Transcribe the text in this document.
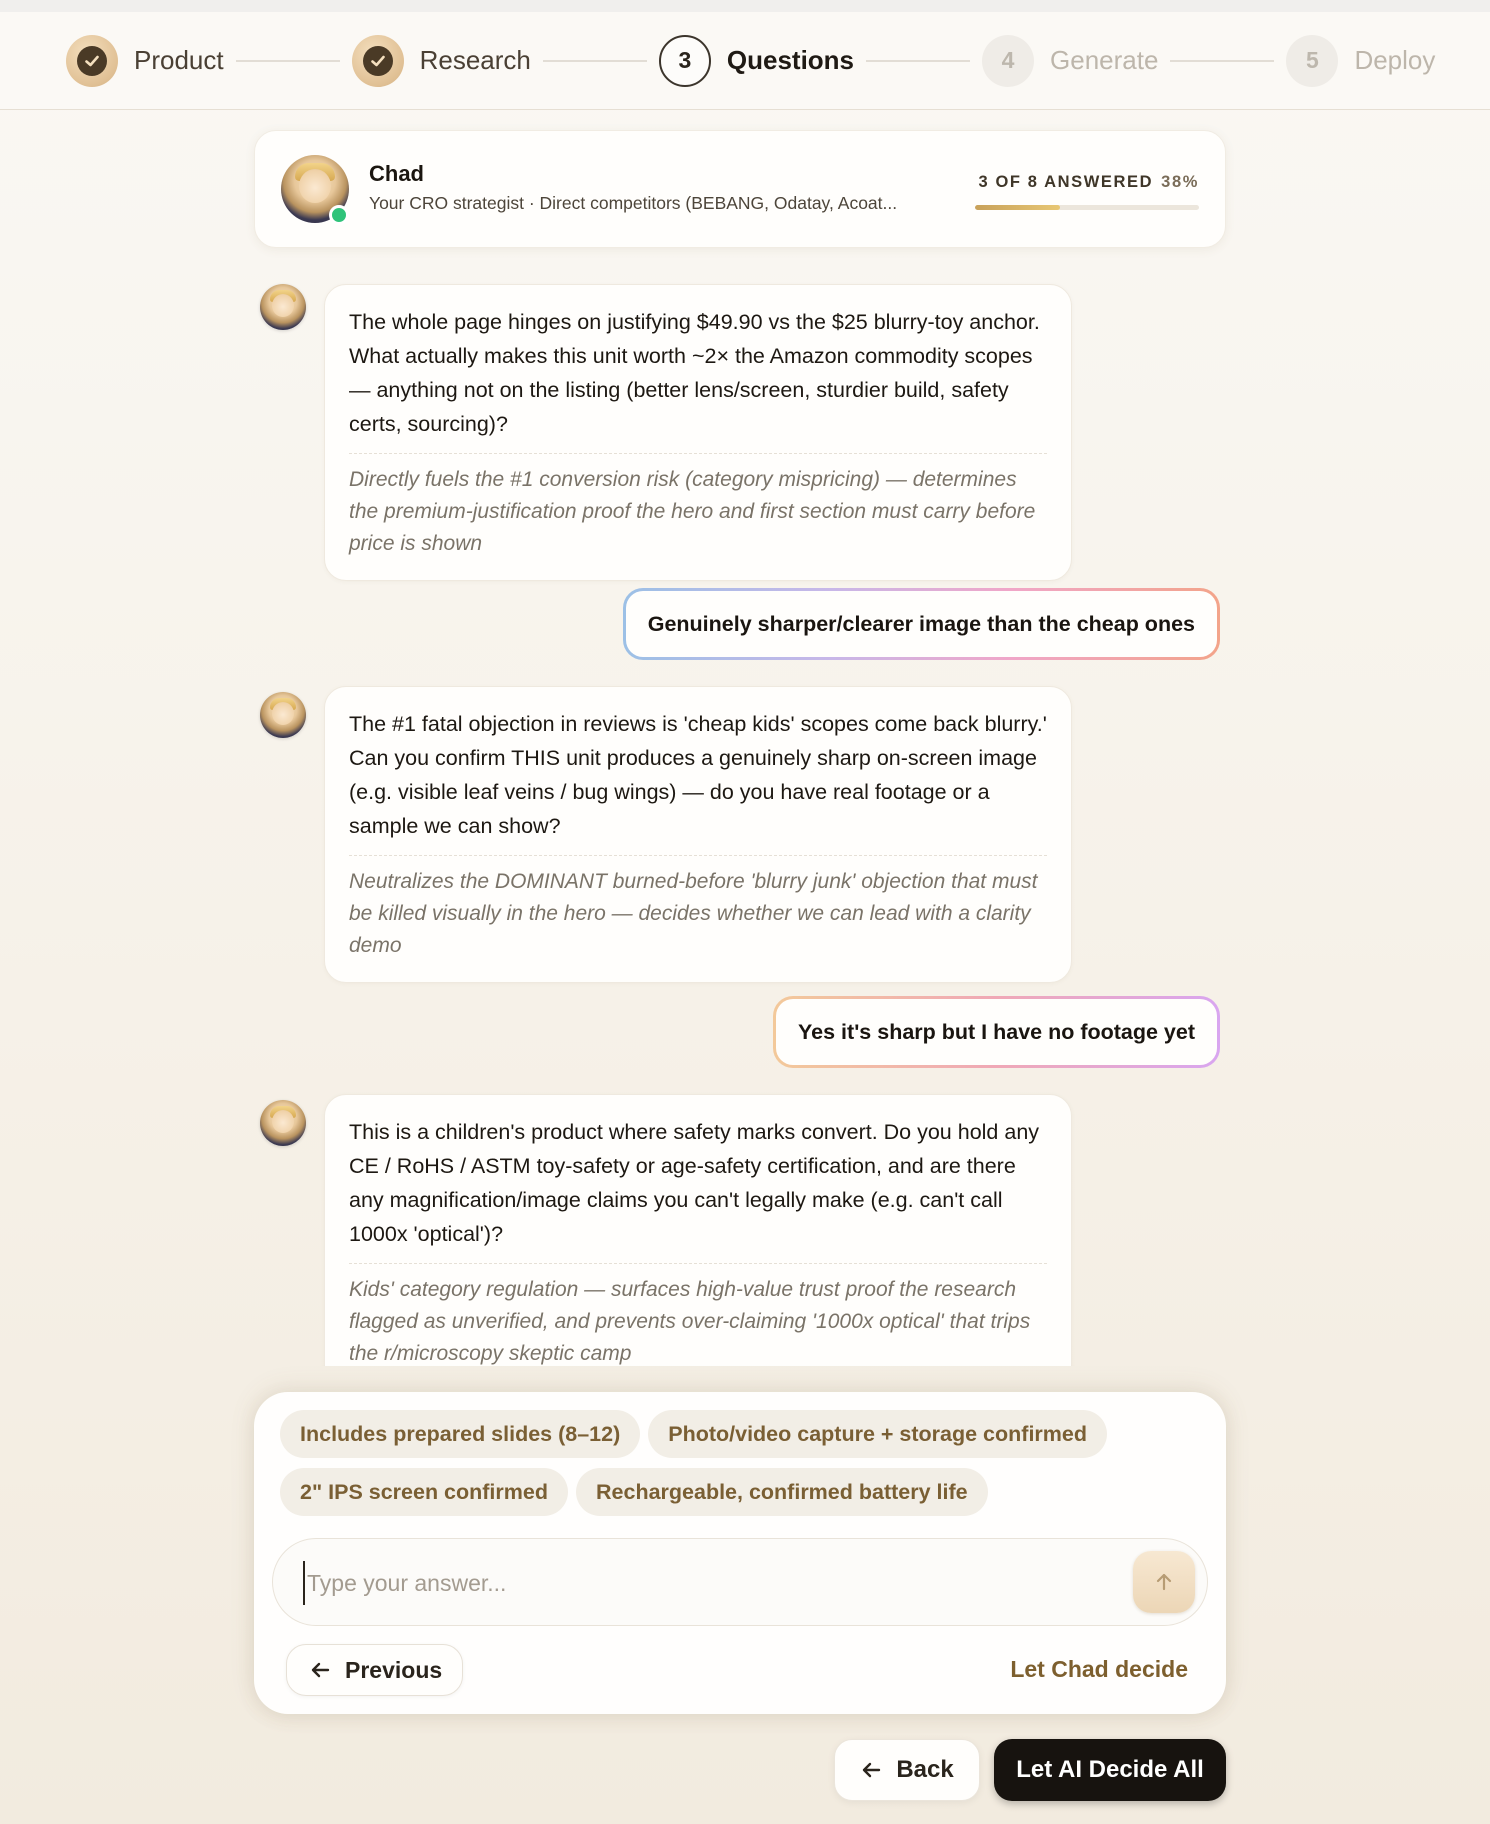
Product	Research	3	Questions	4	Generate	5	Deploy
Chad
Your CRO strategist · Direct competitors (BEBANG, Odatay, Acoat...
3 OF 8 ANSWERED 38%
The whole page hinges on justifying $49.90 vs the $25 blurry-toy anchor. What actually makes this unit worth ~2× the Amazon commodity scopes — anything not on the listing (better lens/screen, sturdier build, safety certs, sourcing)?
Directly fuels the #1 conversion risk (category mispricing) — determines the premium-justification proof the hero and first section must carry before price is shown
Genuinely sharper/clearer image than the cheap ones
The #1 fatal objection in reviews is 'cheap kids' scopes come back blurry.' Can you confirm THIS unit produces a genuinely sharp on-screen image (e.g. visible leaf veins / bug wings) — do you have real footage or a sample we can show?
Neutralizes the DOMINANT burned-before 'blurry junk' objection that must be killed visually in the hero — decides whether we can lead with a clarity demo
Yes it's sharp but I have no footage yet
This is a children's product where safety marks convert. Do you hold any CE / RoHS / ASTM toy-safety or age-safety certification, and are there any magnification/image claims you can't legally make (e.g. can't call 1000x 'optical')?
Kids' category regulation — surfaces high-value trust proof the research flagged as unverified, and prevents over-claiming '1000x optical' that trips the r/microscopy skeptic camp
Includes prepared slides (8–12)	Photo/video capture + storage confirmed
2" IPS screen confirmed	Rechargeable, confirmed battery life
Type your answer...
Previous	Let Chad decide
Back	Let AI Decide All
